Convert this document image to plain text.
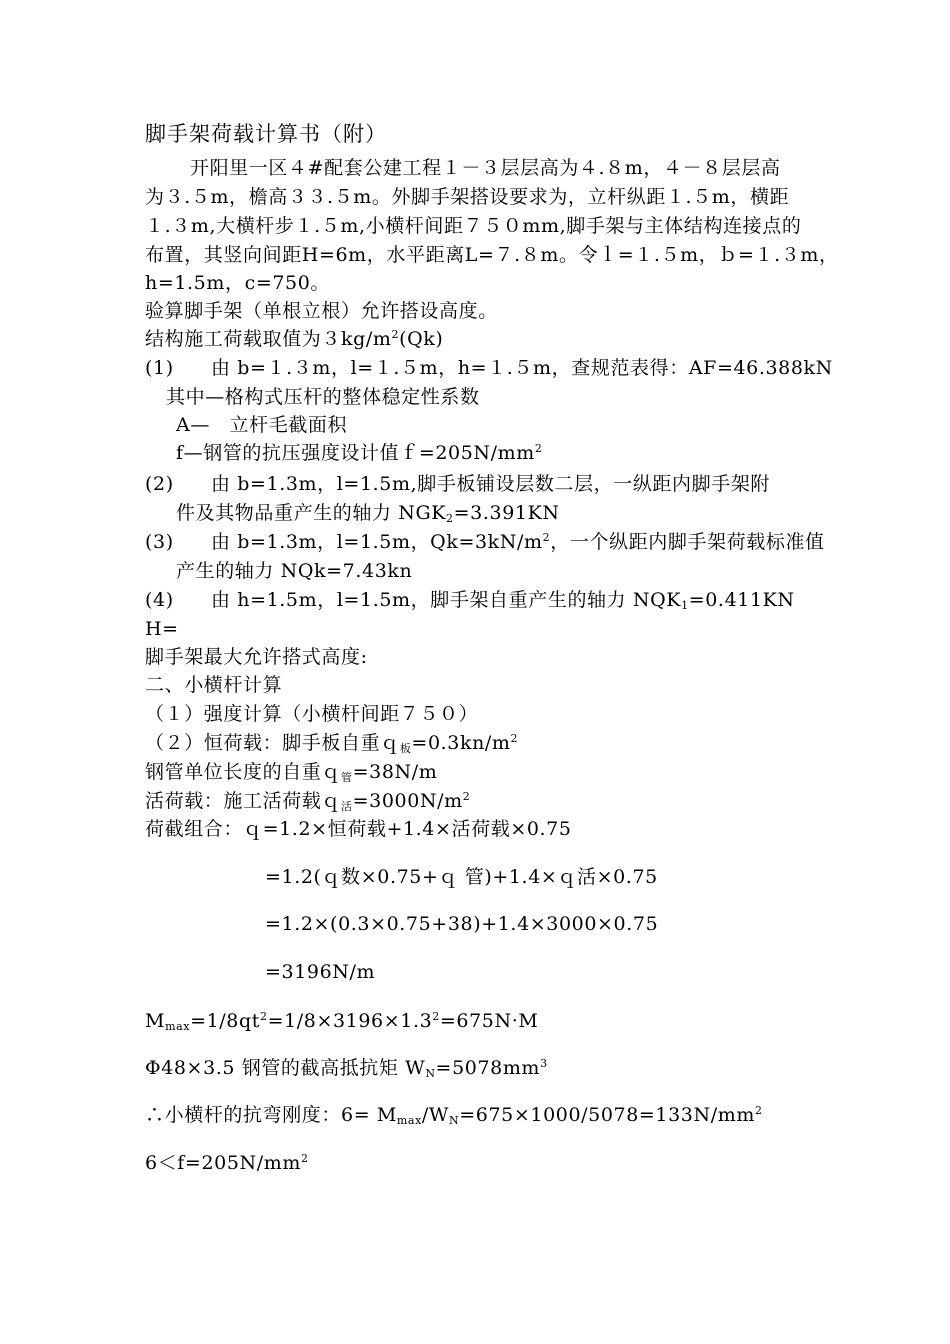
脚手架荷载计算书（附）
开阳里一区４#配套公建工程１－３层层高为４.８m，４－８层层高
为３.５m，檐高３３.５m。外脚手架搭设要求为，立杆纵距１.５m，横距
１.３m,大横杆步１.５m,小横杆间距７５０mm,脚手架与主体结构连接点的
布置，其竖向间距H=6m，水平距离L=７.８m。令ｌ=１.５m，ｂ=１.３m，
h=1.5m，c=750。
验算脚手架（单根立根）允许搭设高度。
结构施工荷载取值为$3kg/m^2(Qk)$
(1) 由 b=１.３m，l=１.５m，h=１.５m，查规范表得：AF=46.388kN
其中—格构式压杆的整体稳定性系数
A—　立杆毛截面积
f—钢管的抗压强度设计值$f=205N/mm^2$
(2) 由 b=1.3m，l=1.5m,脚手板铺设层数二层，一纵距内脚手架附
件及其物品重产生的轴力 NGK2=3.391KN
(3) 由 b=1.3m，l=1.5m，$Qk=3kN/m^2$，一个纵距内脚手架荷载标准值
产生的轴力 NQk=7.43kn
(4) 由 h=1.5m，l=1.5m，脚手架自重产生的轴力 NQK1=0.411KN
H=
脚手架最大允许搭式高度:
二、小横杆计算
（１）强度计算（小横杆间距７５０）
（２）恒荷载：脚手板自重ｑ板$=0.3kn/m^2$
钢管单位长度的自重ｑ管=38N/m
活荷载：施工活荷载ｑ活$=3000N/m^2$
荷截组合：ｑ=1.2×恒荷载+1.4×活荷载×0.75
=1.2(ｑ数×0.75+ｑ 管)+1.4×ｑ活×0.75
=1.2×(0.3×0.75+38)+1.4×3000×0.75
=3196N/m
$Mmax=1/8qt^2=1/8\times 3196\times 1.3^2=675N\cdot M$
Φ48×3.5 钢管的截高抵抗矩 $WN=5078mm^3$
∴小横杆的抗弯刚度：6= Mmax/$WN=675\times 1000/5078=133N/mm^2$
$6<f=205N/mm^2$
